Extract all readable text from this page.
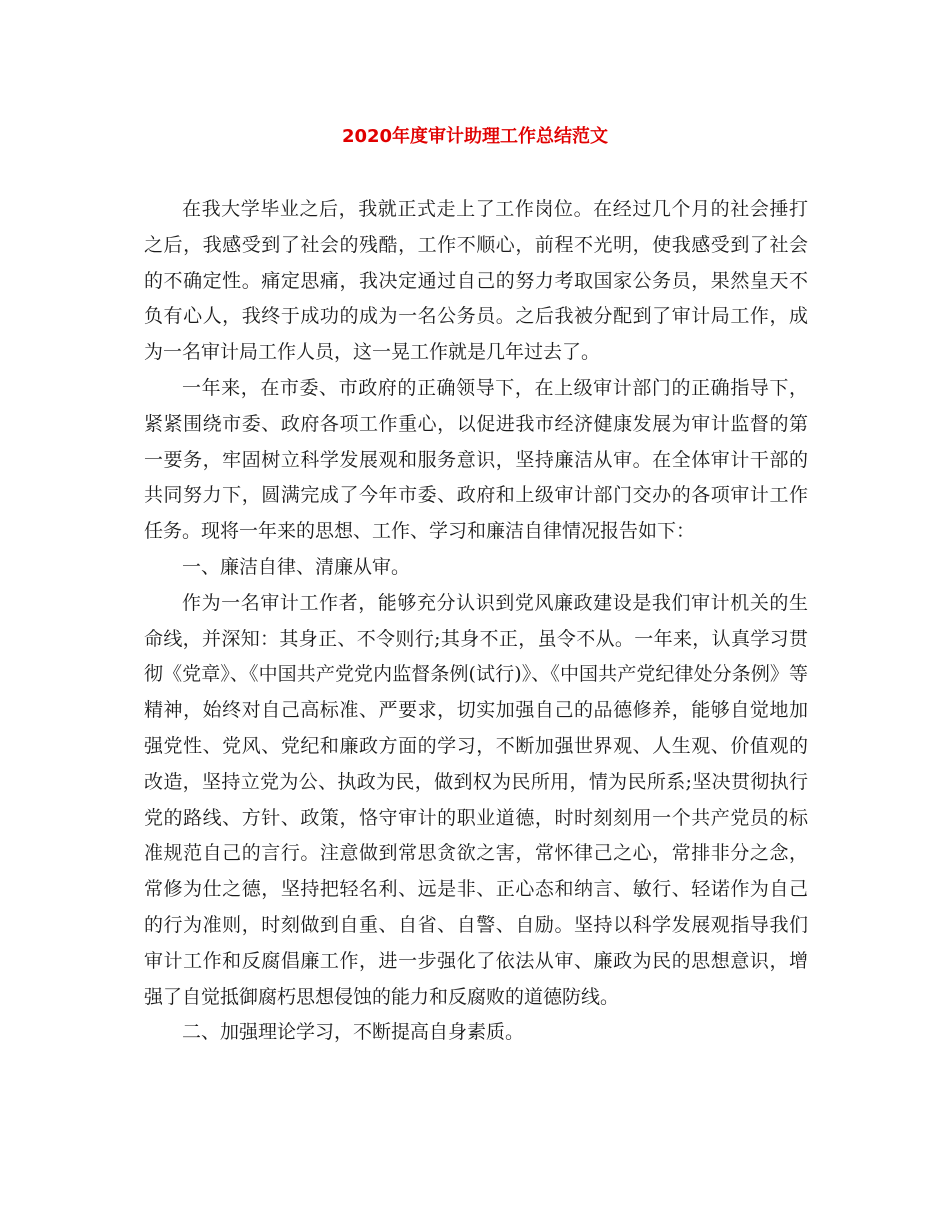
2020年度审计助理工作总结范文

在我大学毕业之后，我就正式走上了工作岗位。在经过几个月的社会捶打之后，我感受到了社会的残酷，工作不顺心，前程不光明，使我感受到了社会的不确定性。痛定思痛，我决定通过自己的努力考取国家公务员，果然皇天不负有心人，我终于成功的成为一名公务员。之后我被分配到了审计局工作，成为一名审计局工作人员，这一晃工作就是几年过去了。

一年来，在市委、市政府的正确领导下，在上级审计部门的正确指导下，紧紧围绕市委、政府各项工作重心，以促进我市经济健康发展为审计监督的第一要务，牢固树立科学发展观和服务意识，坚持廉洁从审。在全体审计干部的共同努力下，圆满完成了今年市委、政府和上级审计部门交办的各项审计工作任务。现将一年来的思想、工作、学习和廉洁自律情况报告如下：

一、廉洁自律、清廉从审。

作为一名审计工作者，能够充分认识到党风廉政建设是我们审计机关的生命线，并深知：其身正、不令则行;其身不正，虽令不从。一年来，认真学习贯彻《党章》、《中国共产党党内监督条例(试行)》、《中国共产党纪律处分条例》等精神，始终对自己高标准、严要求，切实加强自己的品德修养，能够自觉地加强党性、党风、党纪和廉政方面的学习，不断加强世界观、人生观、价值观的改造，坚持立党为公、执政为民，做到权为民所用，情为民所系;坚决贯彻执行党的路线、方针、政策，恪守审计的职业道德，时时刻刻用一个共产党员的标准规范自己的言行。注意做到常思贪欲之害，常怀律己之心，常排非分之念，常修为仕之德，坚持把轻名利、远是非、正心态和纳言、敏行、轻诺作为自己的行为准则，时刻做到自重、自省、自警、自励。坚持以科学发展观指导我们审计工作和反腐倡廉工作，进一步强化了依法从审、廉政为民的思想意识，增强了自觉抵御腐朽思想侵蚀的能力和反腐败的道德防线。

二、加强理论学习，不断提高自身素质。
